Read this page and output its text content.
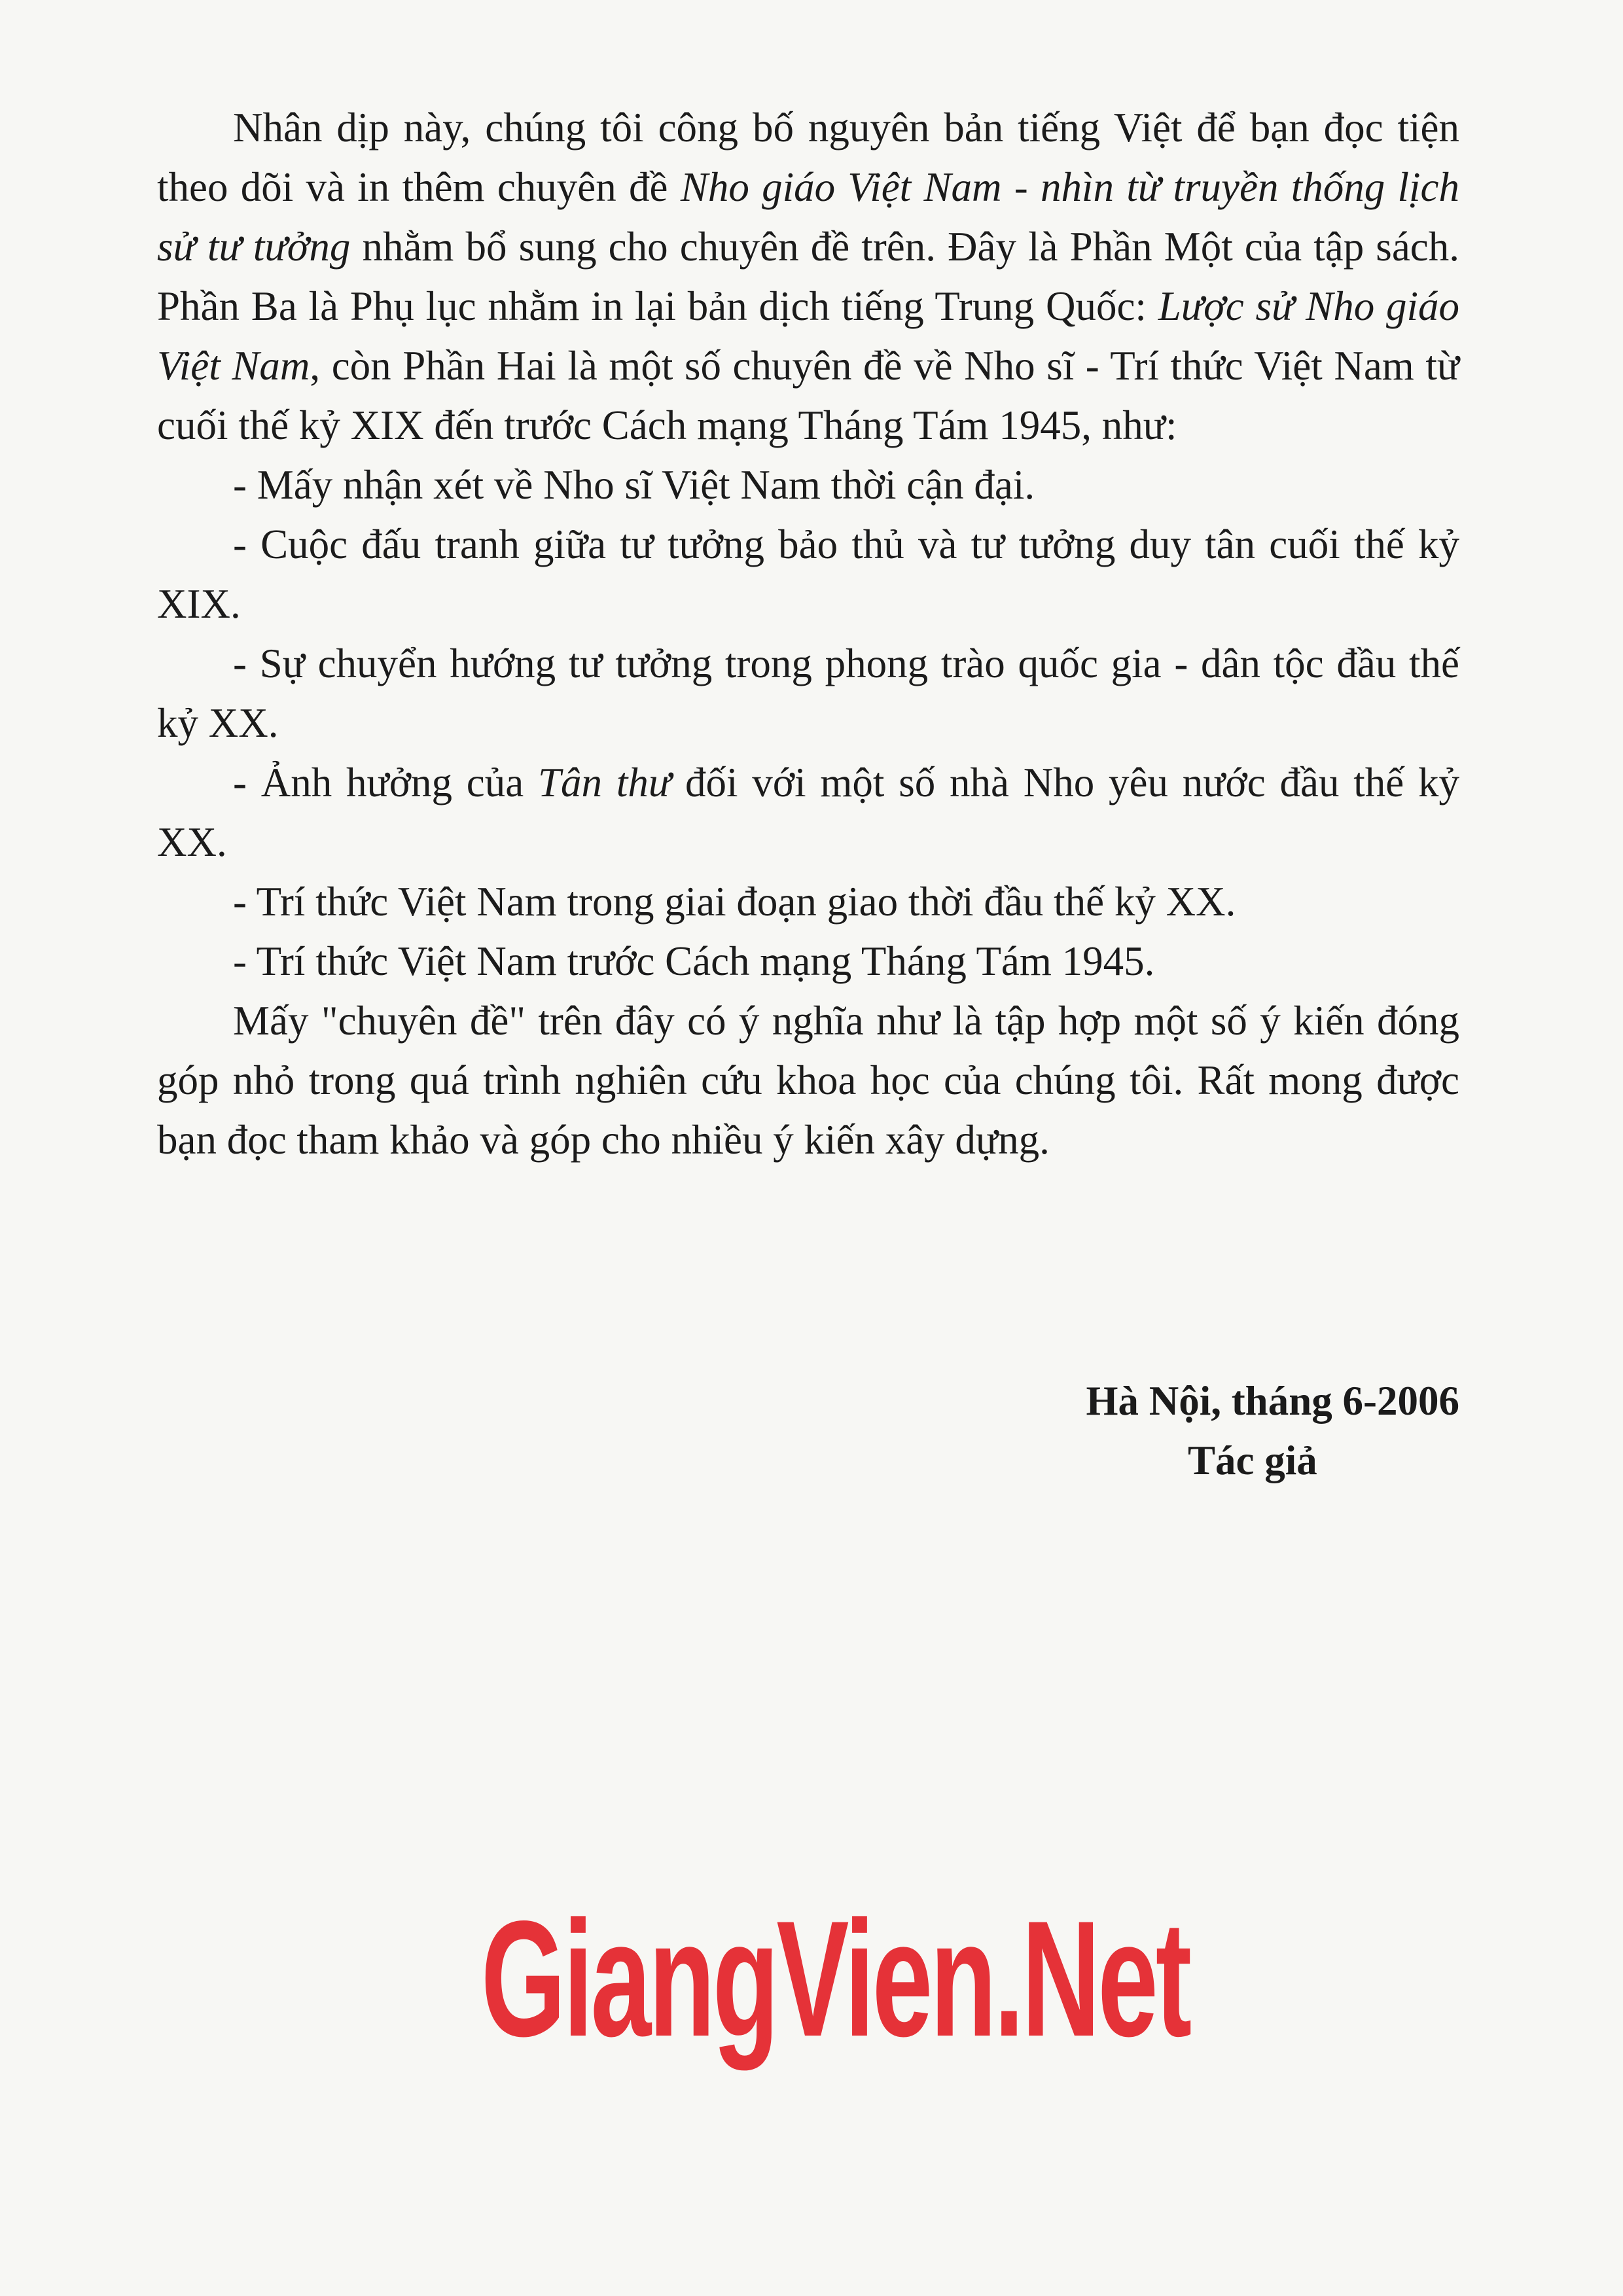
Nhân dịp này, chúng tôi công bố nguyên bản tiếng Việt để bạn đọc tiện theo dõi và in thêm chuyên đề Nho giáo Việt Nam - nhìn từ truyền thống lịch sử tư tưởng nhằm bổ sung cho chuyên đề trên. Đây là Phần Một của tập sách. Phần Ba là Phụ lục nhằm in lại bản dịch tiếng Trung Quốc: Lược sử Nho giáo Việt Nam, còn Phần Hai là một số chuyên đề về Nho sĩ - Trí thức Việt Nam từ cuối thế kỷ XIX đến trước Cách mạng Tháng Tám 1945, như:

- Mấy nhận xét về Nho sĩ Việt Nam thời cận đại.

- Cuộc đấu tranh giữa tư tưởng bảo thủ và tư tưởng duy tân cuối thế kỷ XIX.

- Sự chuyển hướng tư tưởng trong phong trào quốc gia - dân tộc đầu thế kỷ XX.

- Ảnh hưởng của Tân thư đối với một số nhà Nho yêu nước đầu thế kỷ XX.

- Trí thức Việt Nam trong giai đoạn giao thời đầu thế kỷ XX.

- Trí thức Việt Nam trước Cách mạng Tháng Tám 1945.

Mấy "chuyên đề" trên đây có ý nghĩa như là tập hợp một số ý kiến đóng góp nhỏ trong quá trình nghiên cứu khoa học của chúng tôi. Rất mong được bạn đọc tham khảo và góp cho nhiều ý kiến xây dựng.

Hà Nội, tháng 6-2006
Tác giả
GiangVien.Net
